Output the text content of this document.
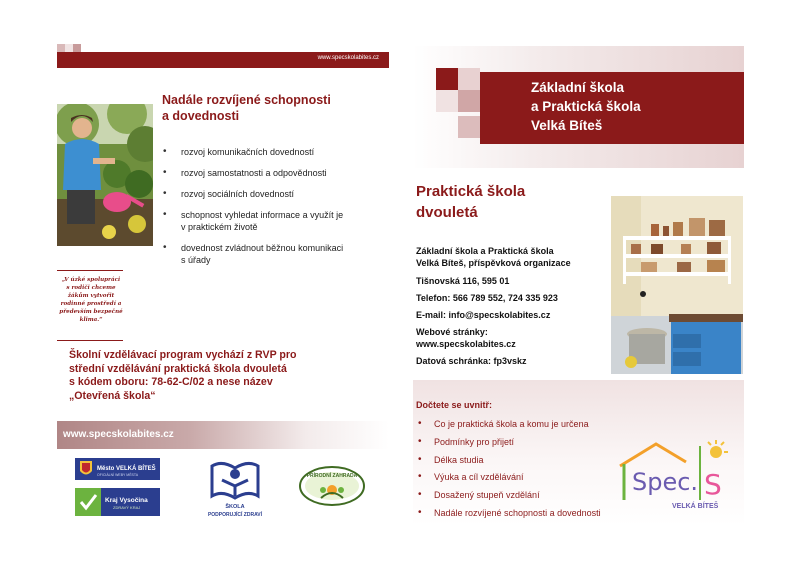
www.specskolabites.cz
Nadále rozvíjené schopnosti
a dovednosti
• rozvoj komunikačních dovedností
• rozvoj samostatnosti a odpovědnosti
• rozvoj sociálních dovedností
• schopnost vyhledat informace a využít je
v praktickém životě
• dovednost zvládnout běžnou komunikaci
s úřady
„V úzké spolupráci
s rodiči chceme
žákům vytvořit
rodinné prostředí a
především bezpečné
klima.“
Školní vzdělávací program vychází z RVP pro
střední vzdělávání praktická škola dvouletá
s kódem oboru: 78-62-C/02 a nese název
„Otevřená škola“
www.specskolabites.cz
Město VELKÁ BÍTEŠ
OFICIÁLNÍ WEBY MĚSTA
Kraj Vysočina
ZDRAVÝ KRAJ	ŠKOLA
PODPORUJÍCÍ ZDRAVÍ
PŘÍRODNÍ ZAHRADA
Základní škola
a Praktická škola
Velká Bíteš
Praktická škola
dvouletá
Základní škola a Praktická škola
Velká Bíteš, příspěvková organizace
Tišnovská 116, 595 01
Telefon: 566 789 552, 724 335 923
E-mail: info@specskolabites.cz
Webové stránky:
www.specskolabites.cz
Datová schránka: fp3vskz
Dočtete se uvnitř:
• Co je praktická škola a komu je určena
• Podmínky pro přijetí
• Délka studia
• Výuka a cíl vzdělávání
• Dosažený stupeň vzdělání
• Nadále rozvíjené schopnosti a dovednosti
Spec. S
VELKÁ BÍTEŠ
